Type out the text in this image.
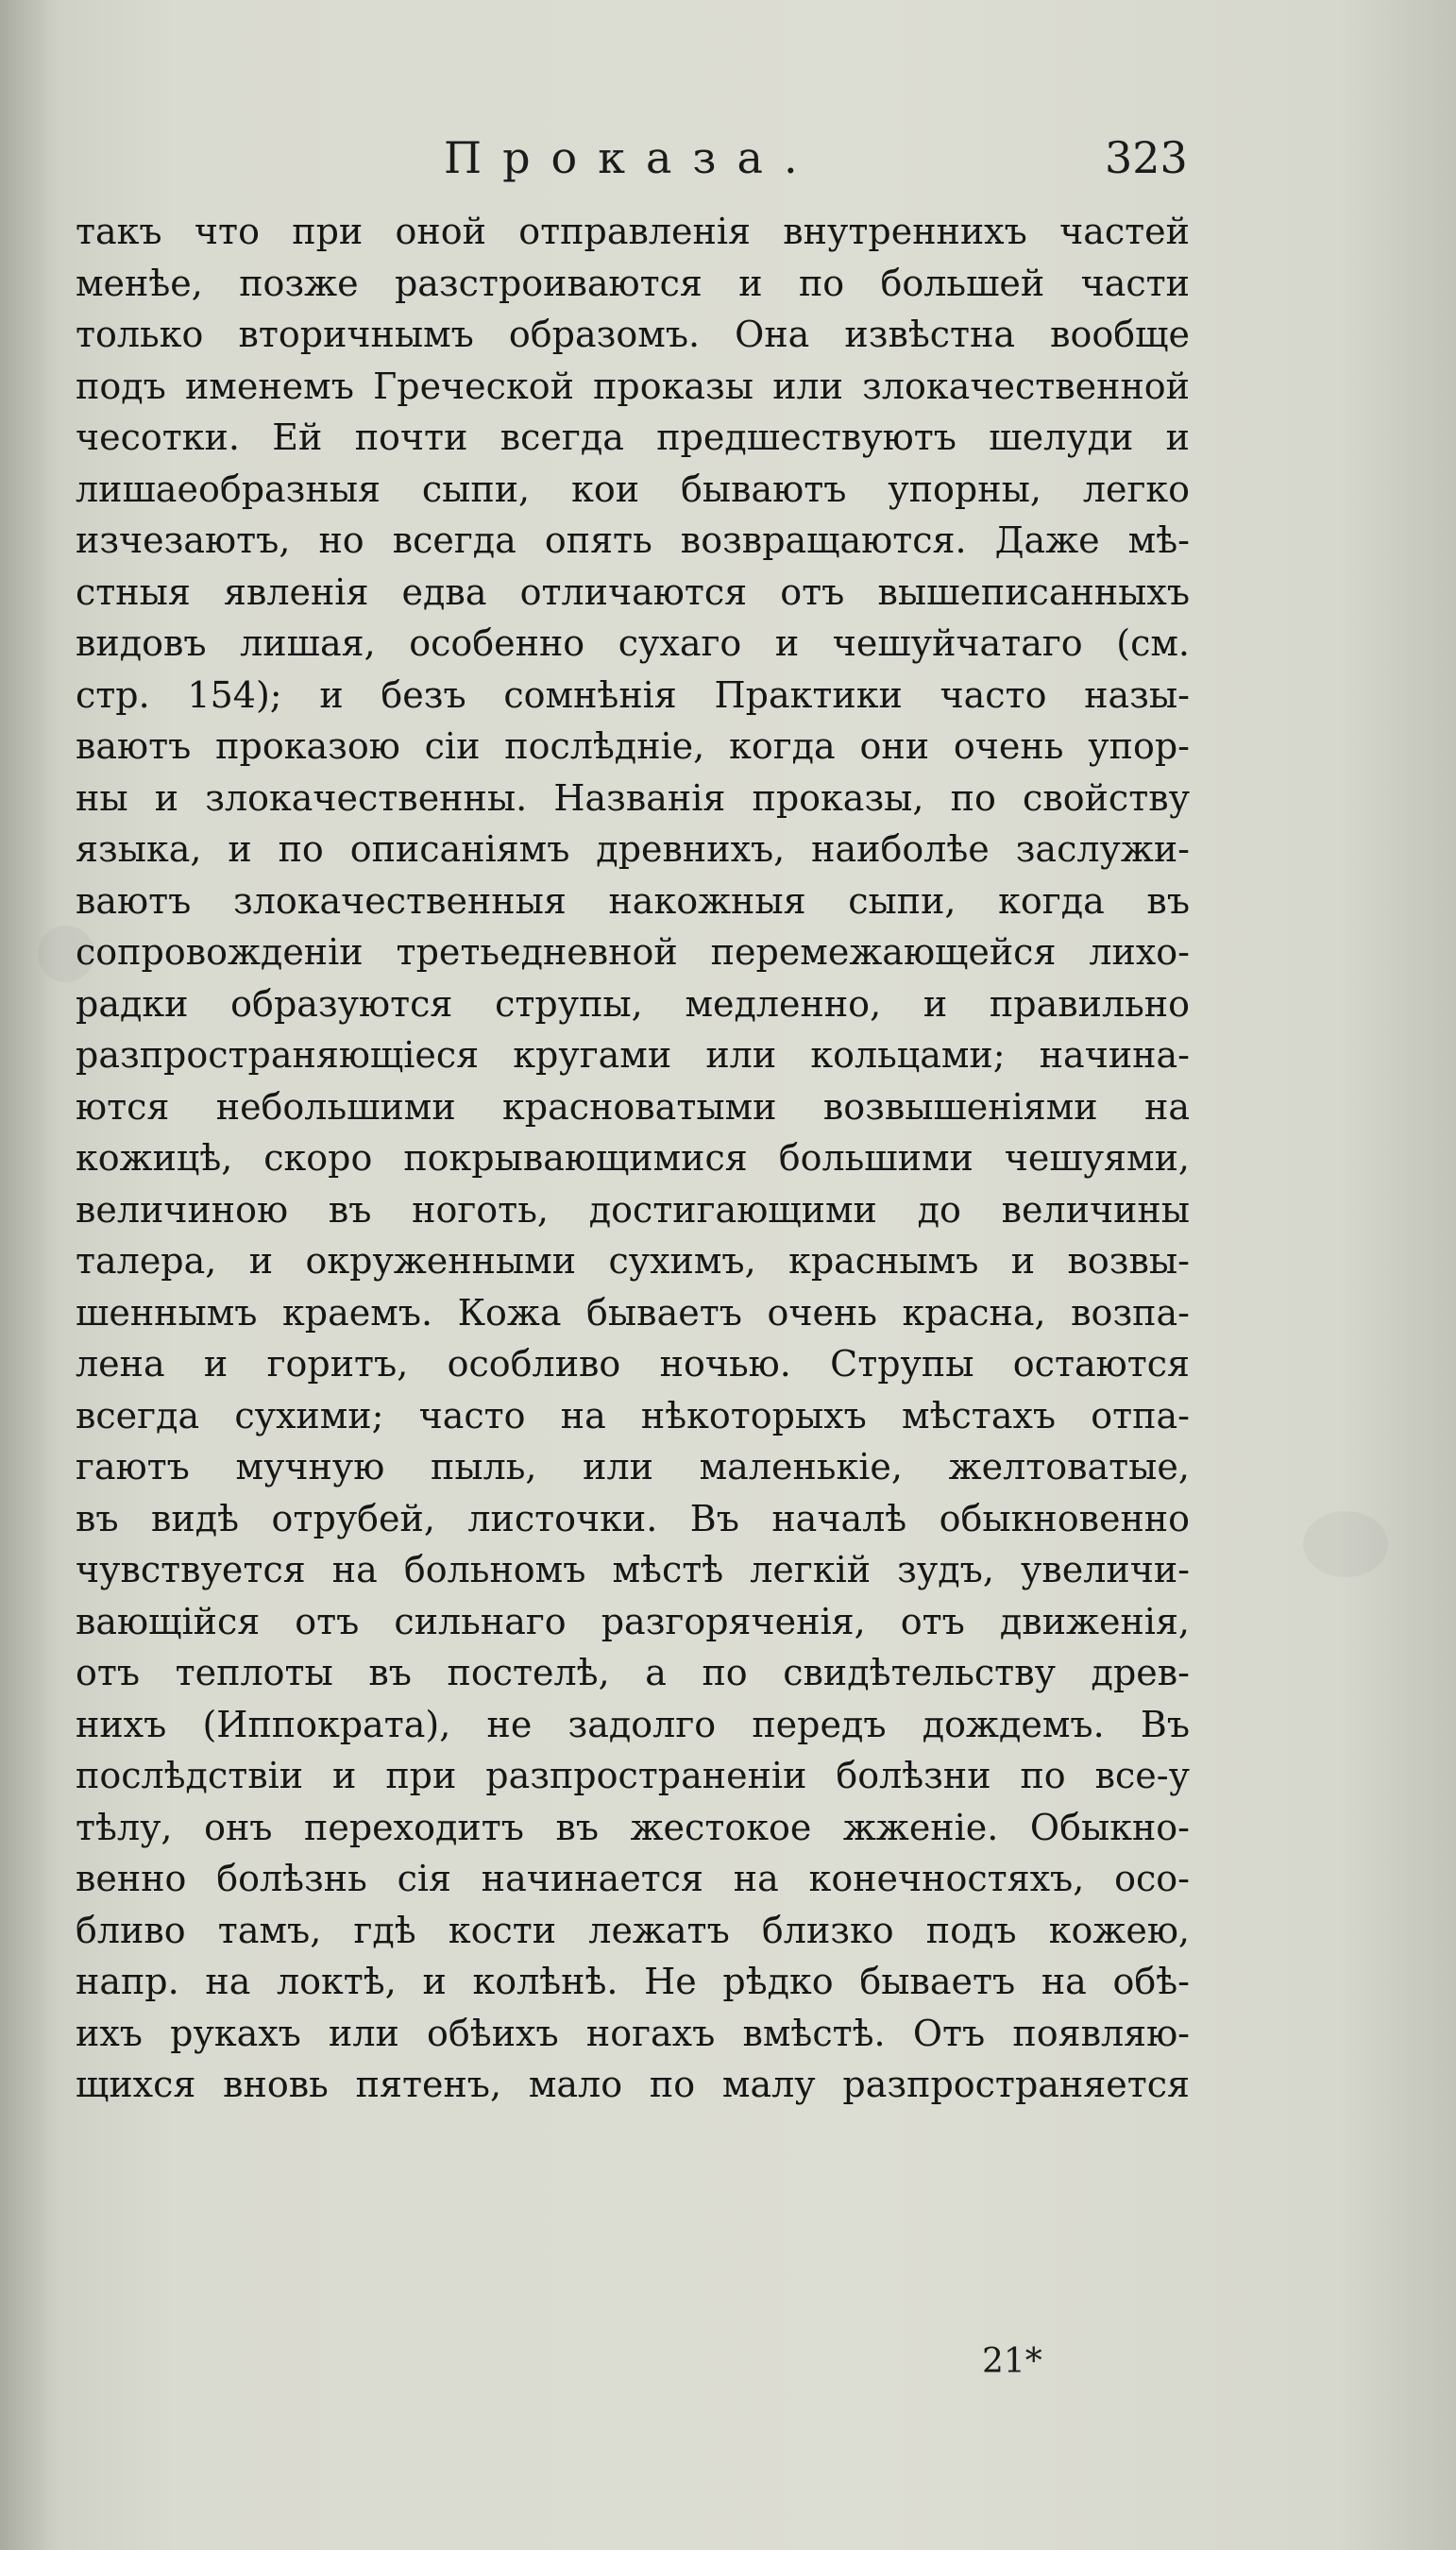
Проказа.	323
такъ что при оной отправленія внутреннихъ частей
менѣе, позже разстроиваются и по большей части
только вторичнымъ образомъ. Она извѣстна вообще
подъ именемъ Греческой проказы или злокачественной
чесотки. Ей почти всегда предшествуютъ шелуди и
лишаеобразныя сыпи, кои бываютъ упорны, легко
изчезаютъ, но всегда опять возвращаются. Даже мѣ-
стныя явленія едва отличаются отъ вышеписанныхъ
видовъ лишая, особенно сухаго и чешуйчатаго (см.
стр. 154); и безъ сомнѣнія Практики часто назы-
ваютъ проказою сіи послѣдніе, когда они очень упор-
ны и злокачественны. Названія проказы, по свойству
языка, и по описаніямъ древнихъ, наиболѣе заслужи-
ваютъ злокачественныя накожныя сыпи, когда въ
сопровожденіи третьедневной перемежающейся лихо-
радки образуются струпы, медленно, и правильно
разпространяющіеся кругами или кольцами; начина-
ются небольшими красноватыми возвышеніями на
кожицѣ, скоро покрывающимися большими чешуями,
величиною въ ноготь, достигающими до величины
талера, и окруженными сухимъ, краснымъ и возвы-
шеннымъ краемъ. Кожа бываетъ очень красна, возпа-
лена и горитъ, особливо ночью. Струпы остаются
всегда сухими; часто на нѣкоторыхъ мѣстахъ отпа-
гаютъ мучную пыль, или маленькіе, желтоватые,
въ видѣ отрубей, листочки. Въ началѣ обыкновенно
чувствуется на больномъ мѣстѣ легкій зудъ, увеличи-
вающійся отъ сильнаго разгоряченія, отъ движенія,
отъ теплоты въ постелѣ, а по свидѣтельству древ-
нихъ (Иппократа), не задолго передъ дождемъ. Въ
послѣдствіи и при разпространеніи болѣзни по все-у
тѣлу, онъ переходитъ въ жестокое жженіе. Обыкно-
венно болѣзнь сія начинается на конечностяхъ, осо-
бливо тамъ, гдѣ кости лежатъ близко подъ кожею,
напр. на локтѣ, и колѣнѣ. Не рѣдко бываетъ на обѣ-
ихъ рукахъ или обѣихъ ногахъ вмѣстѣ. Отъ появляю-
щихся вновь пятенъ, мало по малу разпространяется
21*
